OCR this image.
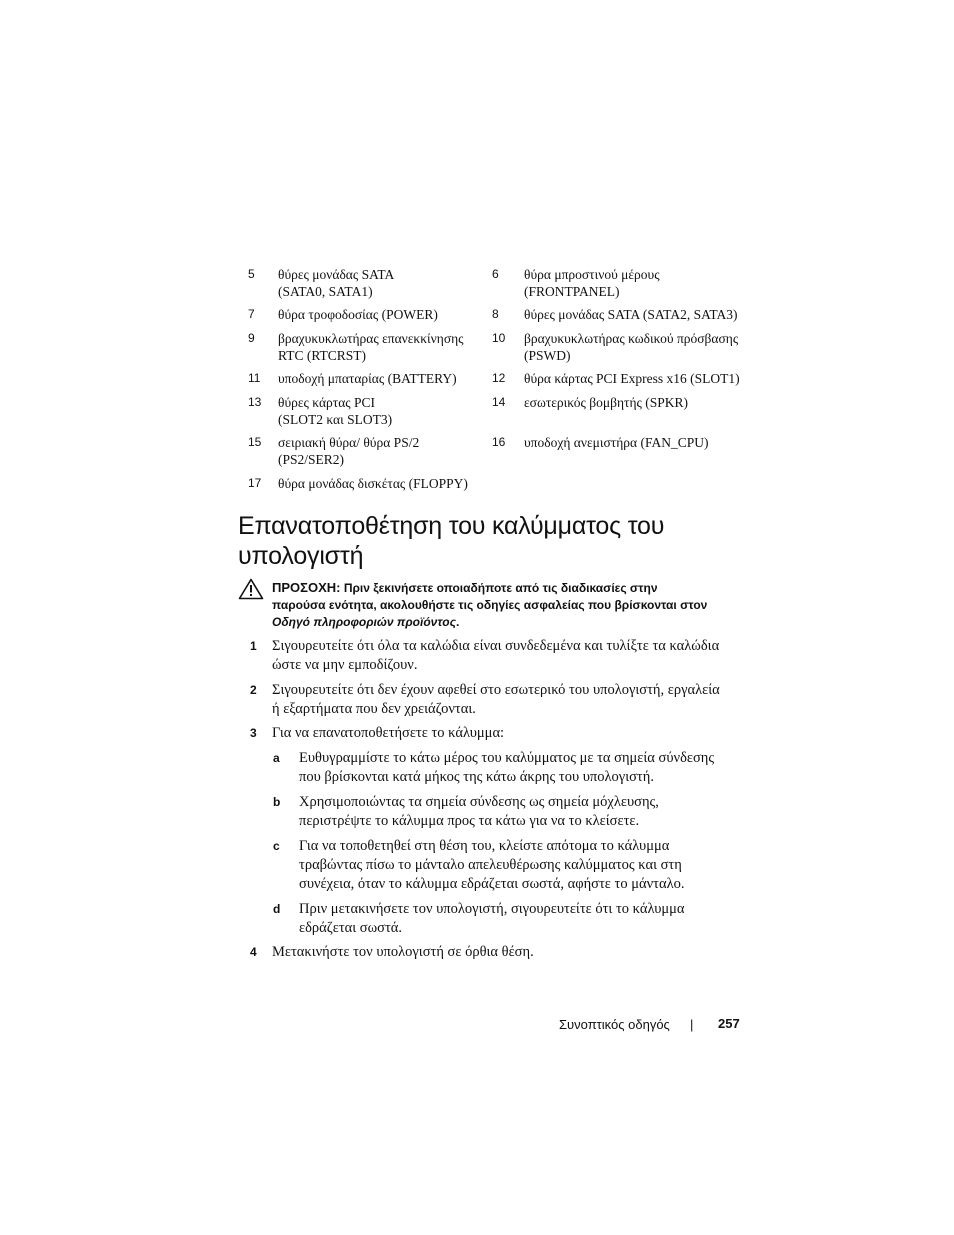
5 θύρες μονάδας SATA
(SATA0, SATA1)
6 θύρα μπροστινού μέρους
(FRONTPANEL)
7 θύρα τροφοδοσίας (POWER)	8 θύρες μονάδας SATA (SATA2, SATA3)
9 βραχυκυκλωτήρας επανεκκίνησης
RTC (RTCRST)
10 βραχυκυκλωτήρας κωδικού πρόσβασης
(PSWD)
11 υποδοχή μπαταρίας (BATTERY)	12 θύρα κάρτας PCI Express x16 (SLOT1)
13 θύρες κάρτας PCI
(SLOT2 και SLOT3)
14 εσωτερικός βομβητής (SPKR)
15 σειριακή θύρα/ θύρα PS/2
(PS2/SER2)
16 υποδοχή ανεμιστήρα (FAN_CPU)
17 θύρα μονάδας δισκέτας (FLOPPY)
Επανατοποθέτηση του καλύμματος του
υπολογιστή
ΠΡΟΣΟΧΗ: Πριν ξεκινήσετε οποιαδήποτε από τις διαδικασίες στην
παρούσα ενότητα, ακολουθήστε τις οδηγίες ασφαλείας που βρίσκονται στον
Οδηγό πληροφοριών προϊόντος.
1 Σιγουρευτείτε ότι όλα τα καλώδια είναι συνδεδεμένα και τυλίξτε τα καλώδια
ώστε να μην εμποδίζουν.
2 Σιγουρευτείτε ότι δεν έχουν αφεθεί στο εσωτερικό του υπολογιστή, εργαλεία
ή εξαρτήματα που δεν χρειάζονται.
3 Για να επανατοποθετήσετε το κάλυμμα:
a Ευθυγραμμίστε το κάτω μέρος του καλύμματος με τα σημεία σύνδεσης
που βρίσκονται κατά μήκος της κάτω άκρης του υπολογιστή.
b Χρησιμοποιώντας τα σημεία σύνδεσης ως σημεία μόχλευσης,
περιστρέψτε το κάλυμμα προς τα κάτω για να το κλείσετε.
c Για να τοποθετηθεί στη θέση του, κλείστε απότομα το κάλυμμα
τραβώντας πίσω το μάνταλο απελευθέρωσης καλύμματος και στη
συνέχεια, όταν το κάλυμμα εδράζεται σωστά, αφήστε το μάνταλο.
d Πριν μετακινήσετε τον υπολογιστή, σιγουρευτείτε ότι το κάλυμμα
εδράζεται σωστά.
4 Μετακινήστε τον υπολογιστή σε όρθια θέση.
Συνοπτικός οδηγός | 257
